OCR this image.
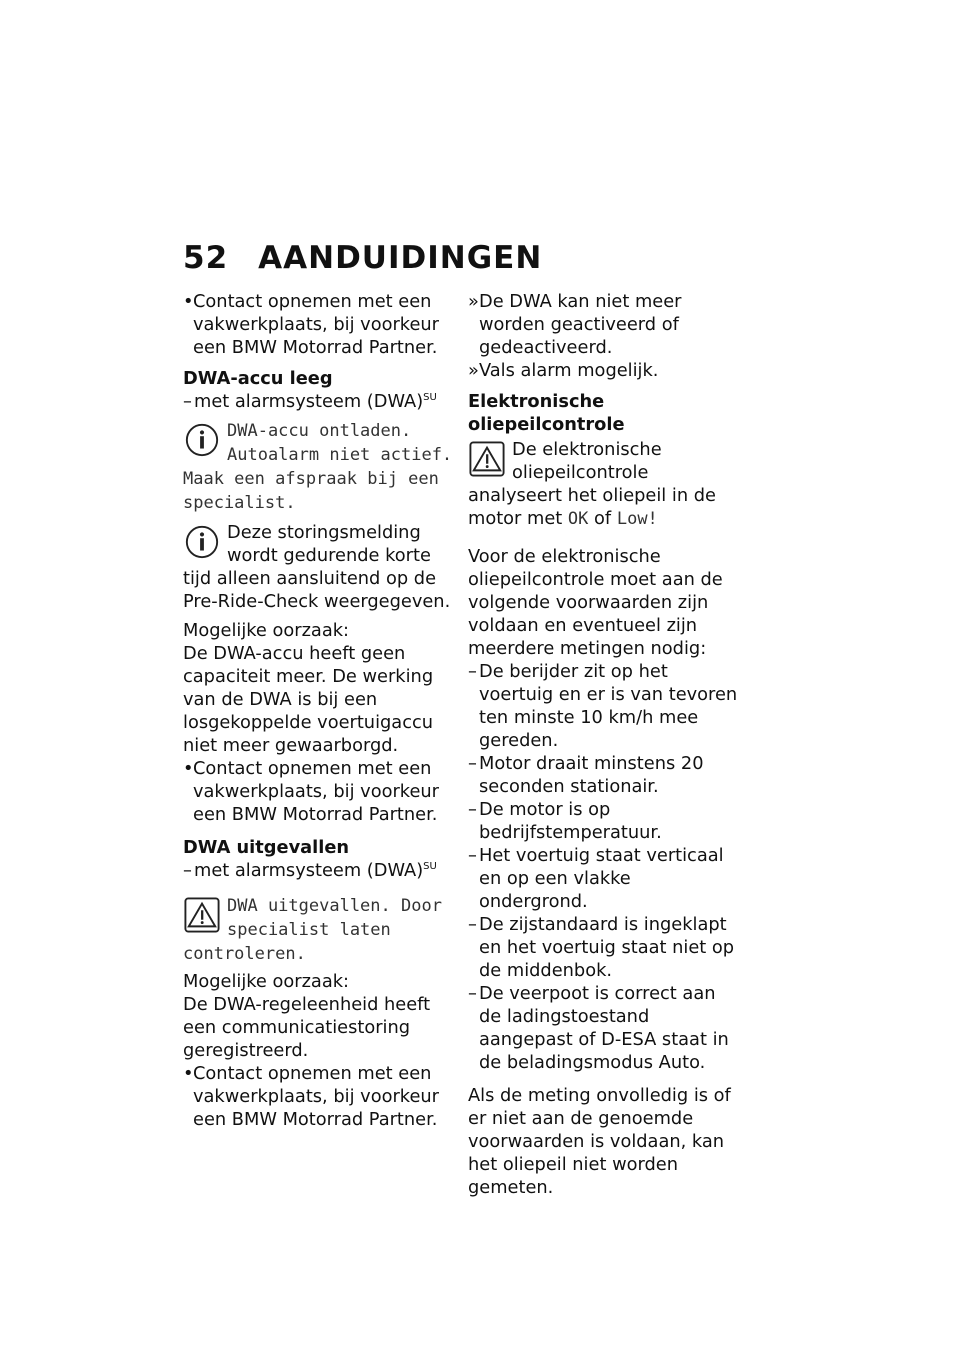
52 AANDUIDINGEN
• Contact opnemen met een vakwerkplaats, bij voorkeur een BMW Motorrad Partner.
DWA-accu leeg
– met alarmsysteem (DWA)$^{SU}$
DWA-accu ontladen. Autoalarm niet actief. Maak een afspraak bij een specialist.
Deze storingsmelding wordt gedurende korte tijd alleen aansluitend op de Pre-Ride-Check weergegeven.

Mogelijke oorzaak:

De DWA-accu heeft geen capaciteit meer. De werking van de DWA is bij een losgekoppelde voertuigaccu niet meer gewaarborgd.

• Contact opnemen met een vakwerkplaats, bij voorkeur een BMW Motorrad Partner.
DWA uitgevallen
– met alarmsysteem (DWA)$^{SU}$
DWA uitgevallen. Door specialist laten controleren.

Mogelijke oorzaak:

De DWA-regeleenheid heeft een communicatiestoring geregistreerd.

• Contact opnemen met een vakwerkplaats, bij voorkeur een BMW Motorrad Partner.
» De DWA kan niet meer worden geactiveerd of gedeactiveerd.
» Vals alarm mogelijk.
Elektronische oliepeilcontrole
De elektronische oliepeilcontrole analyseert het oliepeil in de motor met OK of Low!

Voor de elektronische oliepeilcontrole moet aan de volgende voorwaarden zijn voldaan en eventueel zijn meerdere metingen nodig:

– De berijder zit op het voertuig en er is van tevoren ten minste 10 km/h mee gereden.
– Motor draait minstens 20 seconden stationair.
– De motor is op bedrijfstemperatuur.
– Het voertuig staat verticaal en op een vlakke ondergrond.
– De zijstandaard is ingeklapt en het voertuig staat niet op de middenbok.
– De veerpoot is correct aan de ladingstoestand aangepast of D-ESA staat in de beladingsmodus Auto.

Als de meting onvolledig is of er niet aan de genoemde voorwaarden is voldaan, kan het oliepeil niet worden gemeten.
